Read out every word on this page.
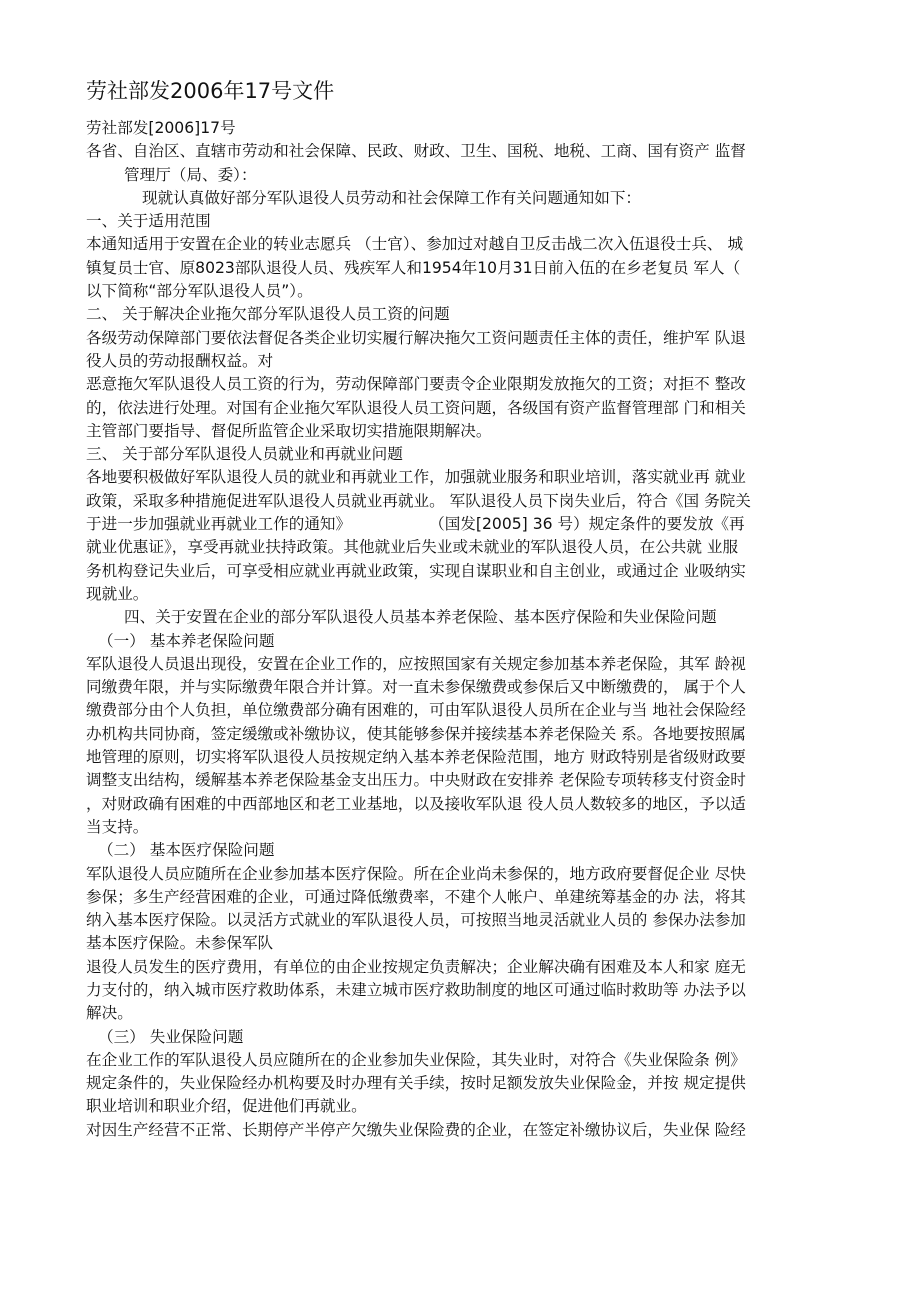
劳社部发2006年17号文件
劳社部发[2006]17号
各省、自治区、直辖市劳动和社会保障、民政、财政、卫生、国税、地税、工商、国有资产 监督
管理厅（局、委）：
现就认真做好部分军队退役人员劳动和社会保障工作有关问题通知如下：
一、关于适用范围
本通知适用于安置在企业的转业志愿兵 （士官）、参加过对越自卫反击战二次入伍退役士兵、 城
镇复员士官、原8023部队退役人员、残疾军人和1954年10月31日前入伍的在乡老复员 军人（
以下简称“部分军队退役人员”）。
二、 关于解决企业拖欠部分军队退役人员工资的问题
各级劳动保障部门要依法督促各类企业切实履行解决拖欠工资问题责任主体的责任，维护军 队退
役人员的劳动报酬权益。对
恶意拖欠军队退役人员工资的行为，劳动保障部门要责令企业限期发放拖欠的工资；对拒不 整改
的，依法进行处理。对国有企业拖欠军队退役人员工资问题，各级国有资产监督管理部 门和相关
主管部门要指导、督促所监管企业采取切实措施限期解决。
三、 关于部分军队退役人员就业和再就业问题
各地要积极做好军队退役人员的就业和再就业工作，加强就业服务和职业培训，落实就业再 就业
政策，采取多种措施促进军队退役人员就业再就业。 军队退役人员下岗失业后，符合《国 务院关
于进一步加强就业再就业工作的通知》	（国发[2005] 36 号）规定条件的要发放《再
就业优惠证》，享受再就业扶持政策。其他就业后失业或未就业的军队退役人员，在公共就 业服
务机构登记失业后，可享受相应就业再就业政策，实现自谋职业和自主创业，或通过企 业吸纳实
现就业。
四、关于安置在企业的部分军队退役人员基本养老保险、基本医疗保险和失业保险问题
（一） 基本养老保险问题
军队退役人员退出现役，安置在企业工作的，应按照国家有关规定参加基本养老保险，其军 龄视
同缴费年限，并与实际缴费年限合并计算。对一直未参保缴费或参保后又中断缴费的， 属于个人
缴费部分由个人负担，单位缴费部分确有困难的，可由军队退役人员所在企业与当 地社会保险经
办机构共同协商，签定缓缴或补缴协议，使其能够参保并接续基本养老保险关 系。各地要按照属
地管理的原则，切实将军队退役人员按规定纳入基本养老保险范围，地方 财政特别是省级财政要
调整支出结构，缓解基本养老保险基金支出压力。中央财政在安排养 老保险专项转移支付资金时
，对财政确有困难的中西部地区和老工业基地，以及接收军队退 役人员人数较多的地区，予以适
当支持。
（二） 基本医疗保险问题
军队退役人员应随所在企业参加基本医疗保险。所在企业尚未参保的，地方政府要督促企业 尽快
参保；多生产经营困难的企业，可通过降低缴费率，不建个人帐户、单建统筹基金的办 法，将其
纳入基本医疗保险。以灵活方式就业的军队退役人员，可按照当地灵活就业人员的 参保办法参加
基本医疗保险。未参保军队
退役人员发生的医疗费用，有单位的由企业按规定负责解决；企业解决确有困难及本人和家 庭无
力支付的，纳入城市医疗救助体系，未建立城市医疗救助制度的地区可通过临时救助等 办法予以
解决。
（三） 失业保险问题
在企业工作的军队退役人员应随所在的企业参加失业保险，其失业时，对符合《失业保险条 例》
规定条件的，失业保险经办机构要及时办理有关手续，按时足额发放失业保险金，并按 规定提供
职业培训和职业介绍，促进他们再就业。
对因生产经营不正常、长期停产半停产欠缴失业保险费的企业，在签定补缴协议后，失业保 险经
